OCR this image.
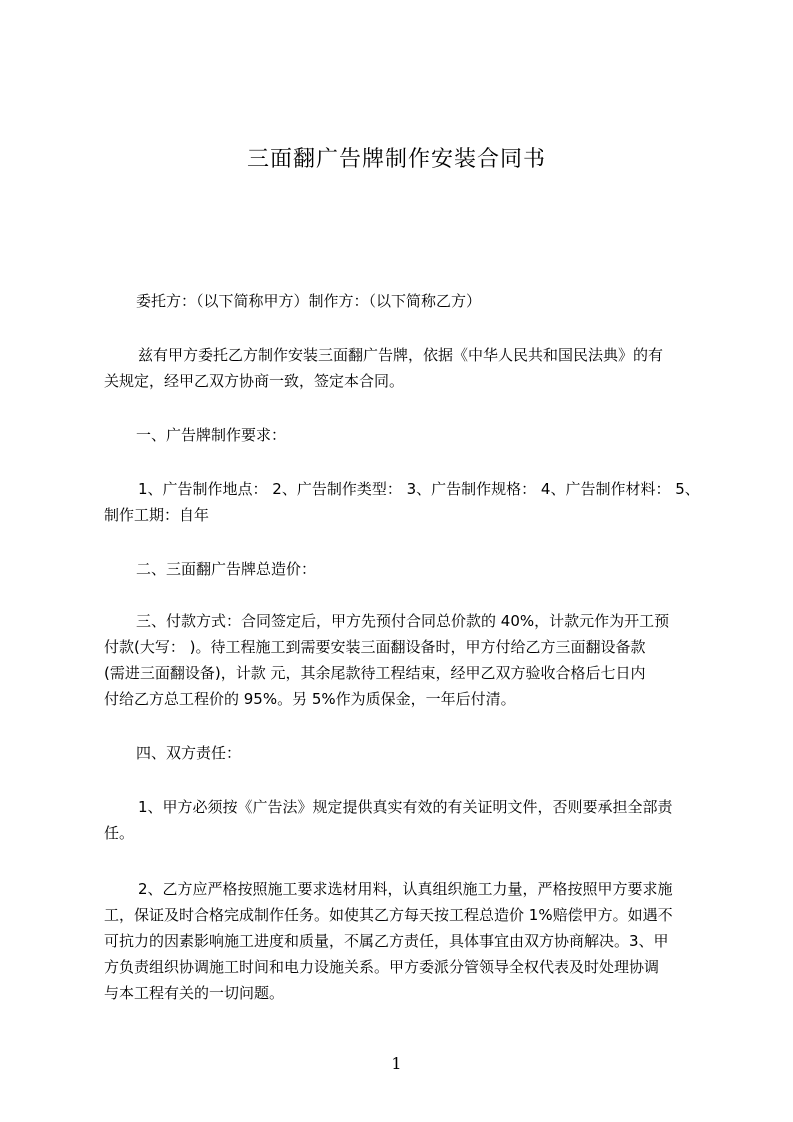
三面翻广告牌制作安装合同书
委托方：（以下简称甲方）制作方：（以下简称乙方）
兹有甲方委托乙方制作安装三面翻广告牌，依据《中华人民共和国民法典》的有
关规定，经甲乙双方协商一致，签定本合同。
一、广告牌制作要求：
1、广告制作地点： 2、广告制作类型： 3、广告制作规格： 4、广告制作材料： 5、
制作工期：自年
二、三面翻广告牌总造价：
三、付款方式：合同签定后，甲方先预付合同总价款的 40%，计款元作为开工预
付款(大写： )。待工程施工到需要安装三面翻设备时，甲方付给乙方三面翻设备款
(需进三面翻设备)，计款 元，其余尾款待工程结束，经甲乙双方验收合格后七日内
付给乙方总工程价的 95%。另 5%作为质保金，一年后付清。
四、双方责任：
1、甲方必须按《广告法》规定提供真实有效的有关证明文件，否则要承担全部责
任。
2、乙方应严格按照施工要求选材用料，认真组织施工力量，严格按照甲方要求施
工，保证及时合格完成制作任务。如使其乙方每天按工程总造价 1%赔偿甲方。如遇不
可抗力的因素影响施工进度和质量，不属乙方责任，具体事宜由双方协商解决。3、甲
方负责组织协调施工时间和电力设施关系。甲方委派分管领导全权代表及时处理协调
与本工程有关的一切问题。
1
